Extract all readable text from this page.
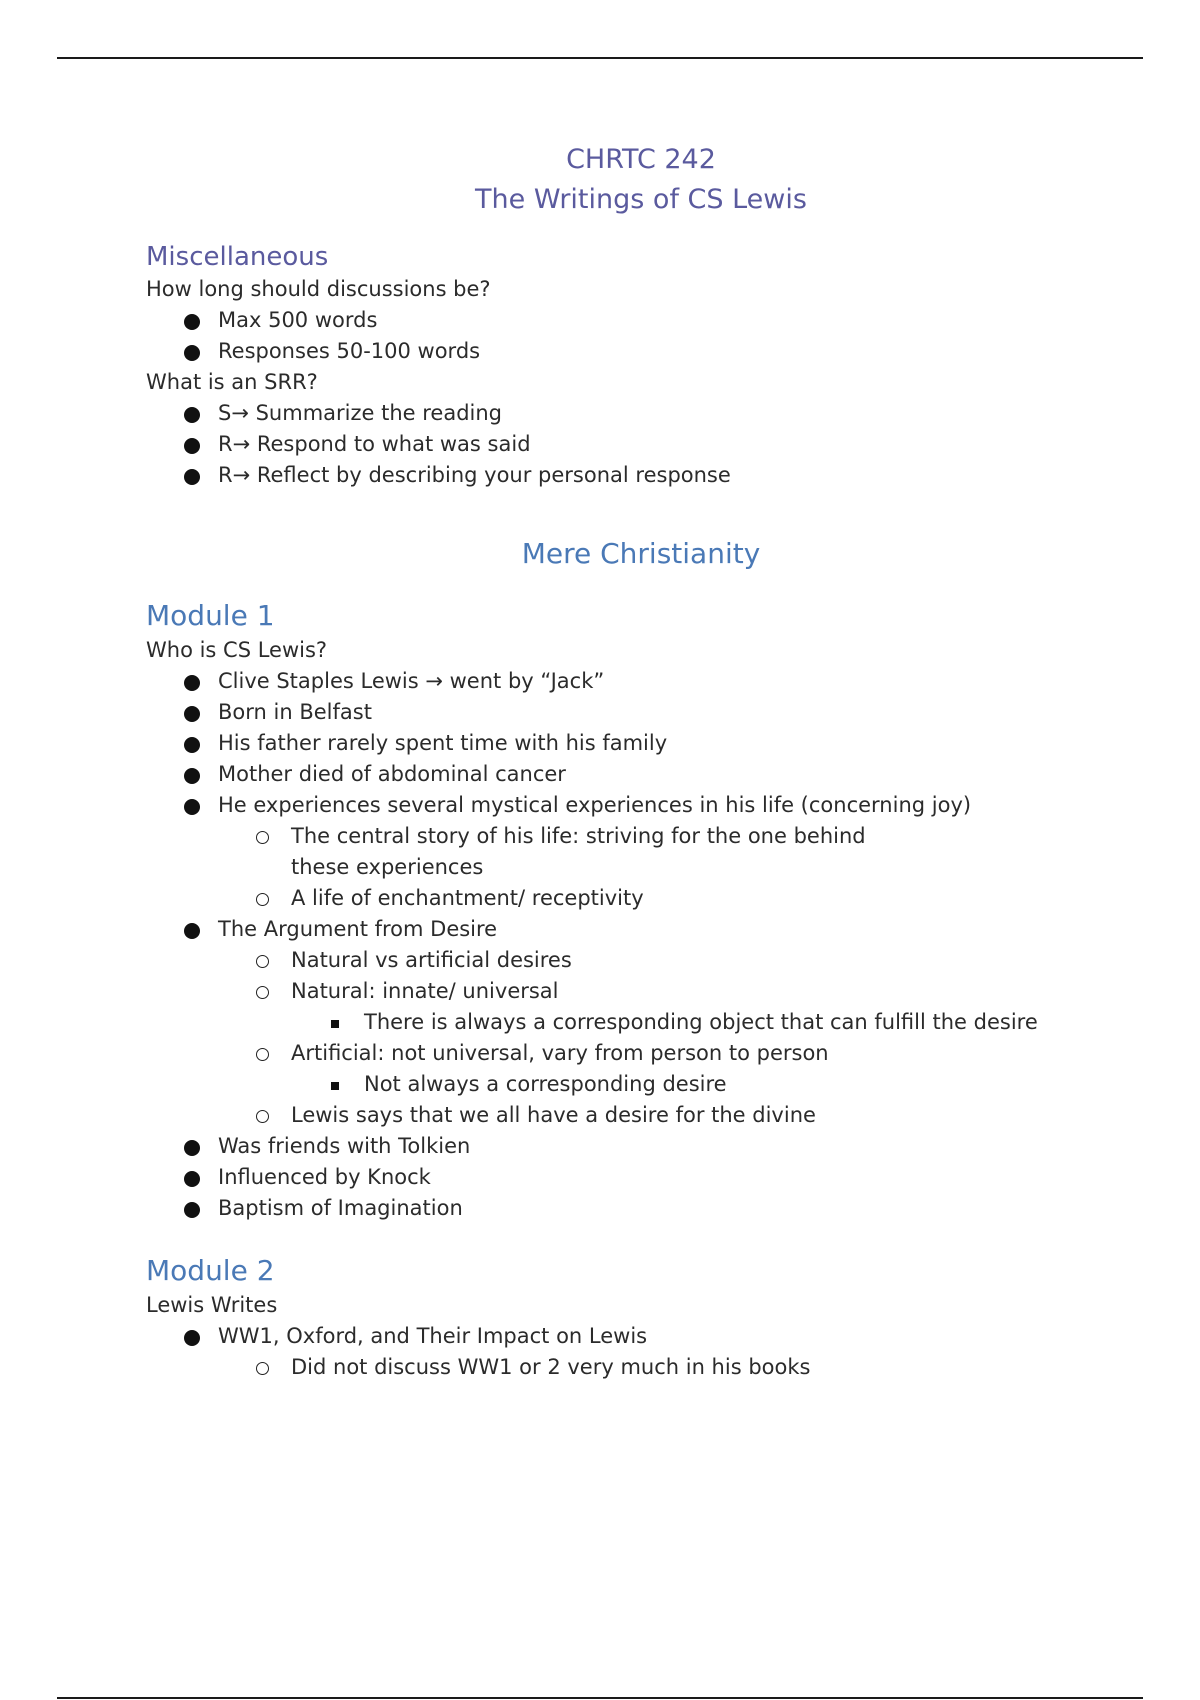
CHRTC 242
The Writings of CS Lewis
Miscellaneous
How long should discussions be?
Max 500 words
Responses 50-100 words
What is an SRR?
S→ Summarize the reading
R→ Respond to what was said
R→ Reflect by describing your personal response
Mere Christianity
Module 1
Who is CS Lewis?
Clive Staples Lewis → went by “Jack”
Born in Belfast
His father rarely spent time with his family
Mother died of abdominal cancer
He experiences several mystical experiences in his life (concerning joy)
The central story of his life: striving for the one behind these experiences
A life of enchantment/ receptivity
The Argument from Desire
Natural vs artificial desires
Natural: innate/ universal
There is always a corresponding object that can fulfill the desire
Artificial: not universal, vary from person to person
Not always a corresponding desire
Lewis says that we all have a desire for the divine
Was friends with Tolkien
Influenced by Knock
Baptism of Imagination
Module 2
Lewis Writes
WW1, Oxford, and Their Impact on Lewis
Did not discuss WW1 or 2 very much in his books
